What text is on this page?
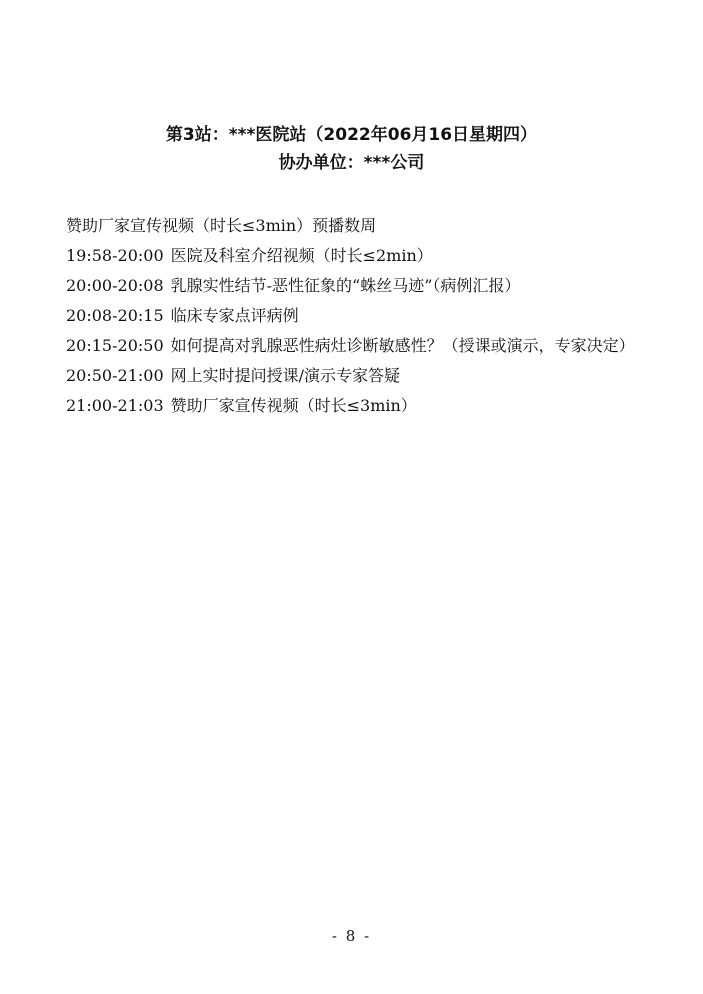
第3站：***医院站（2022年06月16日星期四）
协办单位：***公司
赞助厂家宣传视频（时长≤3min）预播数周
19:58-20:00 医院及科室介绍视频（时长≤2min）
20:00-20:08 乳腺实性结节-恶性征象的“蛛丝马迹”（病例汇报）
20:08-20:15 临床专家点评病例
20:15-20:50 如何提高对乳腺恶性病灶诊断敏感性？（授课或演示，专家决定）
20:50-21:00 网上实时提问授课/演示专家答疑
21:00-21:03 赞助厂家宣传视频（时长≤3min）
- 8 -
